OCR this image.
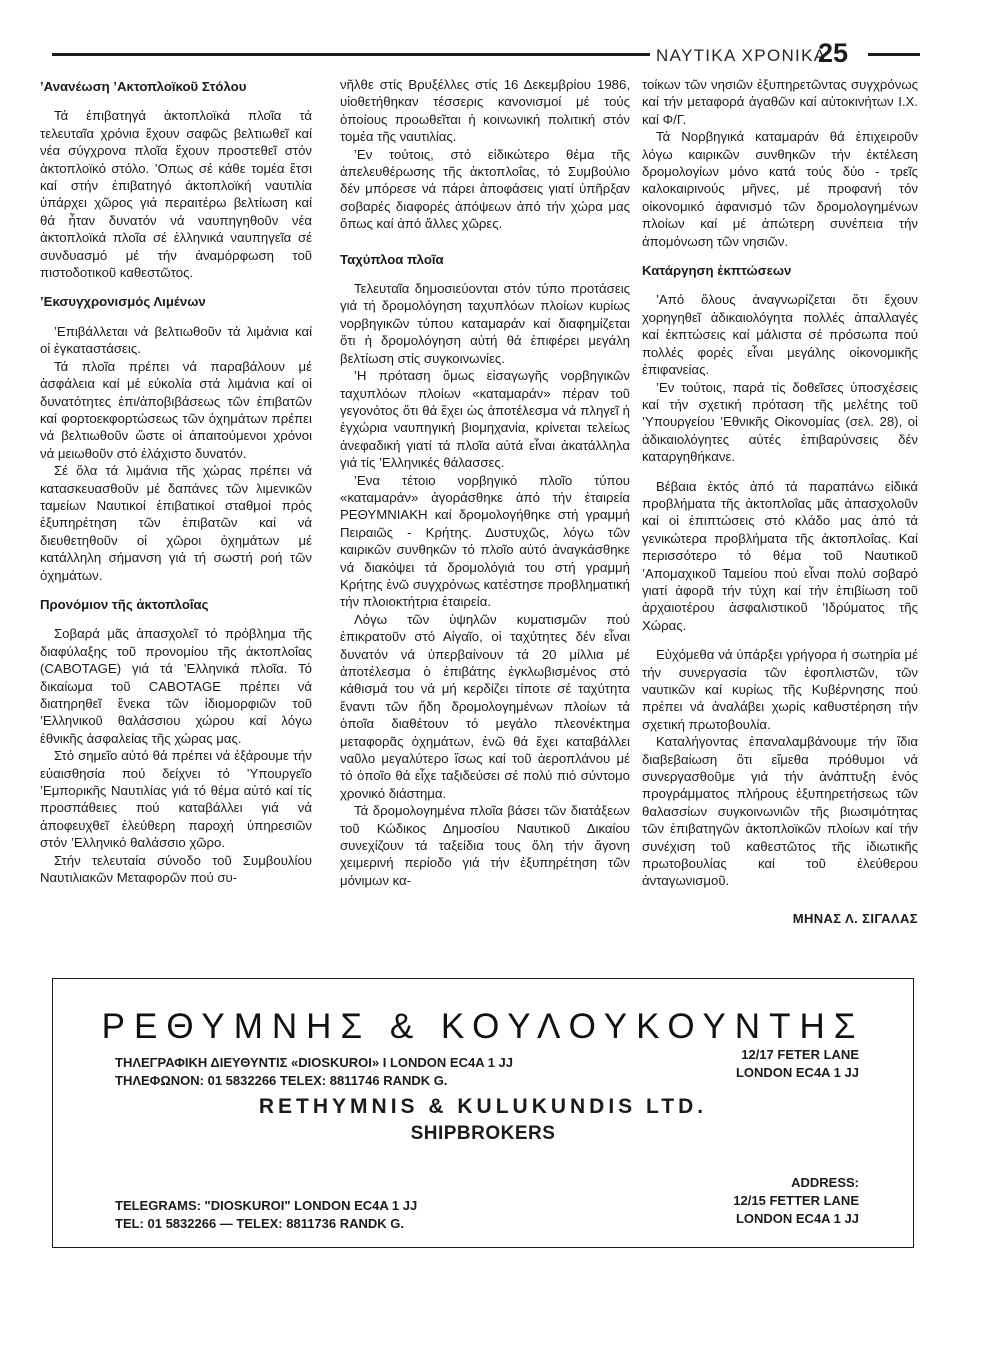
ΝΑΥΤΙΚΑ ΧΡΟΝΙΚΑ
25
’Ανανέωση ’Ακτοπλοϊκοῦ Στόλου

Τά ἐπιβατηγά ἀκτοπλοϊκά πλοῖα τά τελευταῖα χρόνια ἔχουν σαφῶς βελτιωθεῖ καί νέα σύγχρονα πλοῖα ἔχουν προστεθεῖ στόν ἀκτοπλοϊκό στόλο. ’Οπως σέ κάθε τομέα ἔτσι καί στήν ἐπιβατηγό ἀκτοπλοϊκή ναυτιλία ὑπάρχει χῶρος γιά περαιτέρω βελτίωση καί θά ἦταν δυνατόν νά ναυπηγηθοῦν νέα ἀκτοπλοϊκά πλοῖα σέ ἑλληνικά ναυπηγεῖα σέ συνδυασμό μέ τήν ἀναμόρφωση τοῦ πιστοδοτικοῦ καθεστῶτος.

’Εκσυγχρονισμός Λιμένων

’Επιβάλλεται νά βελτιωθοῦν τά λιμάνια καί οἱ ἐγκαταστάσεις.

Τά πλοῖα πρέπει νά παραβάλουν μέ ἀσφάλεια καί μέ εὐκολία στά λιμάνια καί οἱ δυνατότητες ἐπι/ἀποβιβάσεως τῶν ἐπιβατῶν καί φορτοεκφορτώσεως τῶν ὀχημάτων πρέπει νά βελτιωθοῦν ὥστε οἱ ἀπαιτούμενοι χρόνοι νά μειωθοῦν στό ἐλάχιστο δυνατόν.

Σέ ὅλα τά λιμάνια τῆς χώρας πρέπει νά κατασκευασθοῦν μέ δαπάνες τῶν λιμενικῶν ταμείων Ναυτικοί ἐπιβατικοί σταθμοί πρός ἐξυπηρέτηση τῶν ἐπιβατῶν καί νά διευθετηθοῦν οἱ χῶροι ὀχημάτων μέ κατάλληλη σήμανση γιά τή σωστή ροή τῶν ὀχημάτων.

Προνόμιον τῆς ἀκτοπλοΐας

Σοβαρά μᾶς ἀπασχολεῖ τό πρόβλημα τῆς διαφύλαξης τοῦ προνομίου τῆς ἀκτοπλοΐας (CABOTAGE) γιά τά ’Ελληνικά πλοῖα. Τό δικαίωμα τοῦ CABOTAGE πρέπει νά διατηρηθεῖ ἕνεκα τῶν ἰδιομορφιῶν τοῦ ’Ελληνικοῦ θαλάσσιου χώρου καί λόγω ἐθνικῆς ἀσφαλείας τῆς χώρας μας.

Στό σημεῖο αὐτό θά πρέπει νά ἐξάρουμε τήν εὐαισθησία πού δείχνει τό ’Υπουργεῖο ’Εμπορικῆς Ναυτιλίας γιά τό θέμα αὐτό καί τίς προσπάθειες πού καταβάλλει γιά νά ἀποφευχθεῖ ἐλεύθερη παροχή ὑπηρεσιῶν στόν ’Ελληνικό θαλάσσιο χῶρο.

Στήν τελευταία σύνοδο τοῦ Συμβουλίου Ναυτιλιακῶν Μεταφορῶν πού συ-

νῆλθε στίς Βρυξέλλες στίς 16 Δεκεμβρίου 1986, υἱοθετήθηκαν τέσσερις κανονισμοί μέ τούς ὁποίους προωθεῖται ἡ κοινωνική πολιτική στόν τομέα τῆς ναυτιλίας.

’Εν τούτοις, στό εἰδικώτερο θέμα τῆς ἀπελευθέρωσης τῆς ἀκτοπλοΐας, τό Συμβούλιο δέν μπόρεσε νά πάρει ἀποφάσεις γιατί ὑπῆρξαν σοβαρές διαφορές ἀπόψεων ἀπό τήν χώρα μας ὅπως καί ἀπό ἄλλες χῶρες.

Ταχύπλοα πλοῖα

Τελευταῖα δημοσιεύονται στόν τύπο προτάσεις γιά τή δρομολόγηση ταχυπλόων πλοίων κυρίως νορβηγικῶν τύπου καταμαράν καί διαφημίζεται ὅτι ἡ δρομολόγηση αὐτή θά ἐπιφέρει μεγάλη βελτίωση στίς συγκοινωνίες.

’Η πρόταση ὅμως εἰσαγωγῆς νορβηγικῶν ταχυπλόων πλοίων «καταμαράν» πέραν τοῦ γεγονότος ὅτι θά ἔχει ὡς ἀποτέλεσμα νά πληγεῖ ἡ ἐγχώρια ναυπηγική βιομηχανία, κρίνεται τελείως ἀνεφαδική γιατί τά πλοῖα αὐτά εἶναι ἀκατάλληλα γιά τίς ’Ελληνικές θάλασσες.

’Ενα τέτοιο νορβηγικό πλοῖο τύπου «καταμαράν» ἀγοράσθηκε ἀπό τήν ἑταιρεία ΡΕΘΥΜΝΙΑΚΗ καί δρομολογήθηκε στή γραμμή Πειραιῶς - Κρήτης. Δυστυχῶς, λόγω τῶν καιρικῶν συνθηκῶν τό πλοῖο αὐτό ἀναγκάσθηκε νά διακόψει τά δρομολόγιά του στή γραμμή Κρήτης ἐνῶ συγχρόνως κατέστησε προβληματική τήν πλοιοκτήτρια ἑταιρεία.

Λόγω τῶν ὑψηλῶν κυματισμῶν πού ἐπικρατοῦν στό Αἰγαῖο, οἱ ταχύτητες δέν εἶναι δυνατόν νά ὑπερβαίνουν τά 20 μίλλια μέ ἀποτέλεσμα ὁ ἐπιβάτης ἐγκλωβισμένος στό κάθισμά του νά μή κερδίζει τίποτε σέ ταχύτητα ἔναντι τῶν ἤδη δρομολογημένων πλοίων τά ὁποῖα διαθέτουν τό μεγάλο πλεονέκτημα μεταφορᾶς ὀχημάτων, ἐνῶ θά ἔχει καταβάλλει ναῦλο μεγαλύτερο ἴσως καί τοῦ ἀεροπλάνου μέ τό ὁποῖο θά εἶχε ταξιδεύσει σέ πολύ πιό σύντομο χρονικό διάστημα.

Τά δρομολογημένα πλοῖα βάσει τῶν διατάξεων τοῦ Κώδικος Δημοσίου Ναυτικοῦ Δικαίου συνεχίζουν τά ταξείδια τους ὅλη τήν ἄγονη χειμερινή περίοδο γιά τήν ἐξυπηρέτηση τῶν μόνιμων κα-

τοίκων τῶν νησιῶν ἐξυπηρετῶντας συγχρόνως καί τήν μεταφορά ἀγαθῶν καί αὐτοκινήτων Ι.Χ. καί Φ/Γ.

Τά Νορβηγικά καταμαράν θά ἐπιχειροῦν λόγω καιρικῶν συνθηκῶν τήν ἐκτέλεση δρομολογίων μόνο κατά τούς δύο - τρεῖς καλοκαιρινούς μῆνες, μέ προφανή τόν οἰκονομικό ἀφανισμό τῶν δρομολογημένων πλοίων καί μέ ἀπώτερη συνέπεια τήν ἀπομόνωση τῶν νησιῶν.

Κατάργηση ἐκπτώσεων

’Από ὅλους ἀναγνωρίζεται ὅτι ἔχουν χορηγηθεῖ ἀδικαιολόγητα πολλές ἀπαλλαγές καί ἐκπτώσεις καί μάλιστα σέ πρόσωπα πού πολλές φορές εἶναι μεγάλης οἰκονομικῆς ἐπιφανείας.

’Εν τούτοις, παρά τίς δοθεῖσες ὑποσχέσεις καί τήν σχετική πρόταση τῆς μελέτης τοῦ ’Υπουργείου ’Εθνικῆς Οἰκονομίας (σελ. 28), οἱ ἀδικαιολόγητες αὐτές ἐπιβαρύνσεις δέν καταργηθήκανε.

Βέβαια ἐκτός ἀπό τά παραπάνω εἰδικά προβλήματα τῆς ἀκτοπλοΐας μᾶς ἀπασχολοῦν καί οἱ ἐπιπτώσεις στό κλάδο μας ἀπό τά γενικώτερα προβλήματα τῆς ἀκτοπλοΐας. Καί περισσότερο τό θέμα τοῦ Ναυτικοῦ ’Απομαχικοῦ Ταμείου πού εἶναι πολύ σοβαρό γιατί ἀφορᾶ τήν τύχη καί τήν ἐπιβίωση τοῦ ἀρχαιοτέρου ἀσφαλιστικοῦ ’Ιδρύματος τῆς Χώρας.

Εὐχόμεθα νά ὑπάρξει γρήγορα ἡ σωτηρία μέ τήν συνεργασία τῶν ἐφοπλιστῶν, τῶν ναυτικῶν καί κυρίως τῆς Κυβέρνησης πού πρέπει νά ἀναλάβει χωρίς καθυστέρηση τήν σχετική πρωτοβουλία.

Καταλήγοντας ἐπαναλαμβάνουμε τήν ἴδια διαβεβαίωση ὅτι εἴμεθα πρόθυμοι νά συνεργασθοῦμε γιά τήν ἀνάπτυξη ἑνός προγράμματος πλήρους ἐξυπηρετήσεως τῶν θαλασσίων συγκοινωνιῶν τῆς βιωσιμότητας τῶν ἐπιβατηγῶν ἀκτοπλοϊκῶν πλοίων καί τήν συνέχιση τοῦ καθεστῶτος τῆς ἰδιωτικῆς πρωτοβουλίας καί τοῦ ἐλεύθερου ἀνταγωνισμοῦ.

ΜΗΝΑΣ Λ. ΣΙΓΑΛΑΣ
ΡΕΘΥΜΝΗΣ & ΚΟΥΛΟΥΚΟΥΝΤΗΣ
ΤΗΛΕΓΡΑΦΙΚΗ ΔΙΕΥΘΥΝΤΙΣ «DIOSKUROI» I LONDON EC4A 1 JJ
ΤΗΛΕΦΩΝΟΝ: 01 5832266 TELEX: 8811746 RANDK G.
12/17 FETER LANE
LONDON EC4A 1 JJ
RETHYMNIS & KULUKUNDIS LTD.
SHIPBROKERS
ADDRESS:
12/15 FETTER LANE
LONDON EC4A 1 JJ
TELEGRAMS: "DIOSKUROI" LONDON EC4A 1 JJ
TEL: 01 5832266 — TELEX: 8811736 RANDK G.
